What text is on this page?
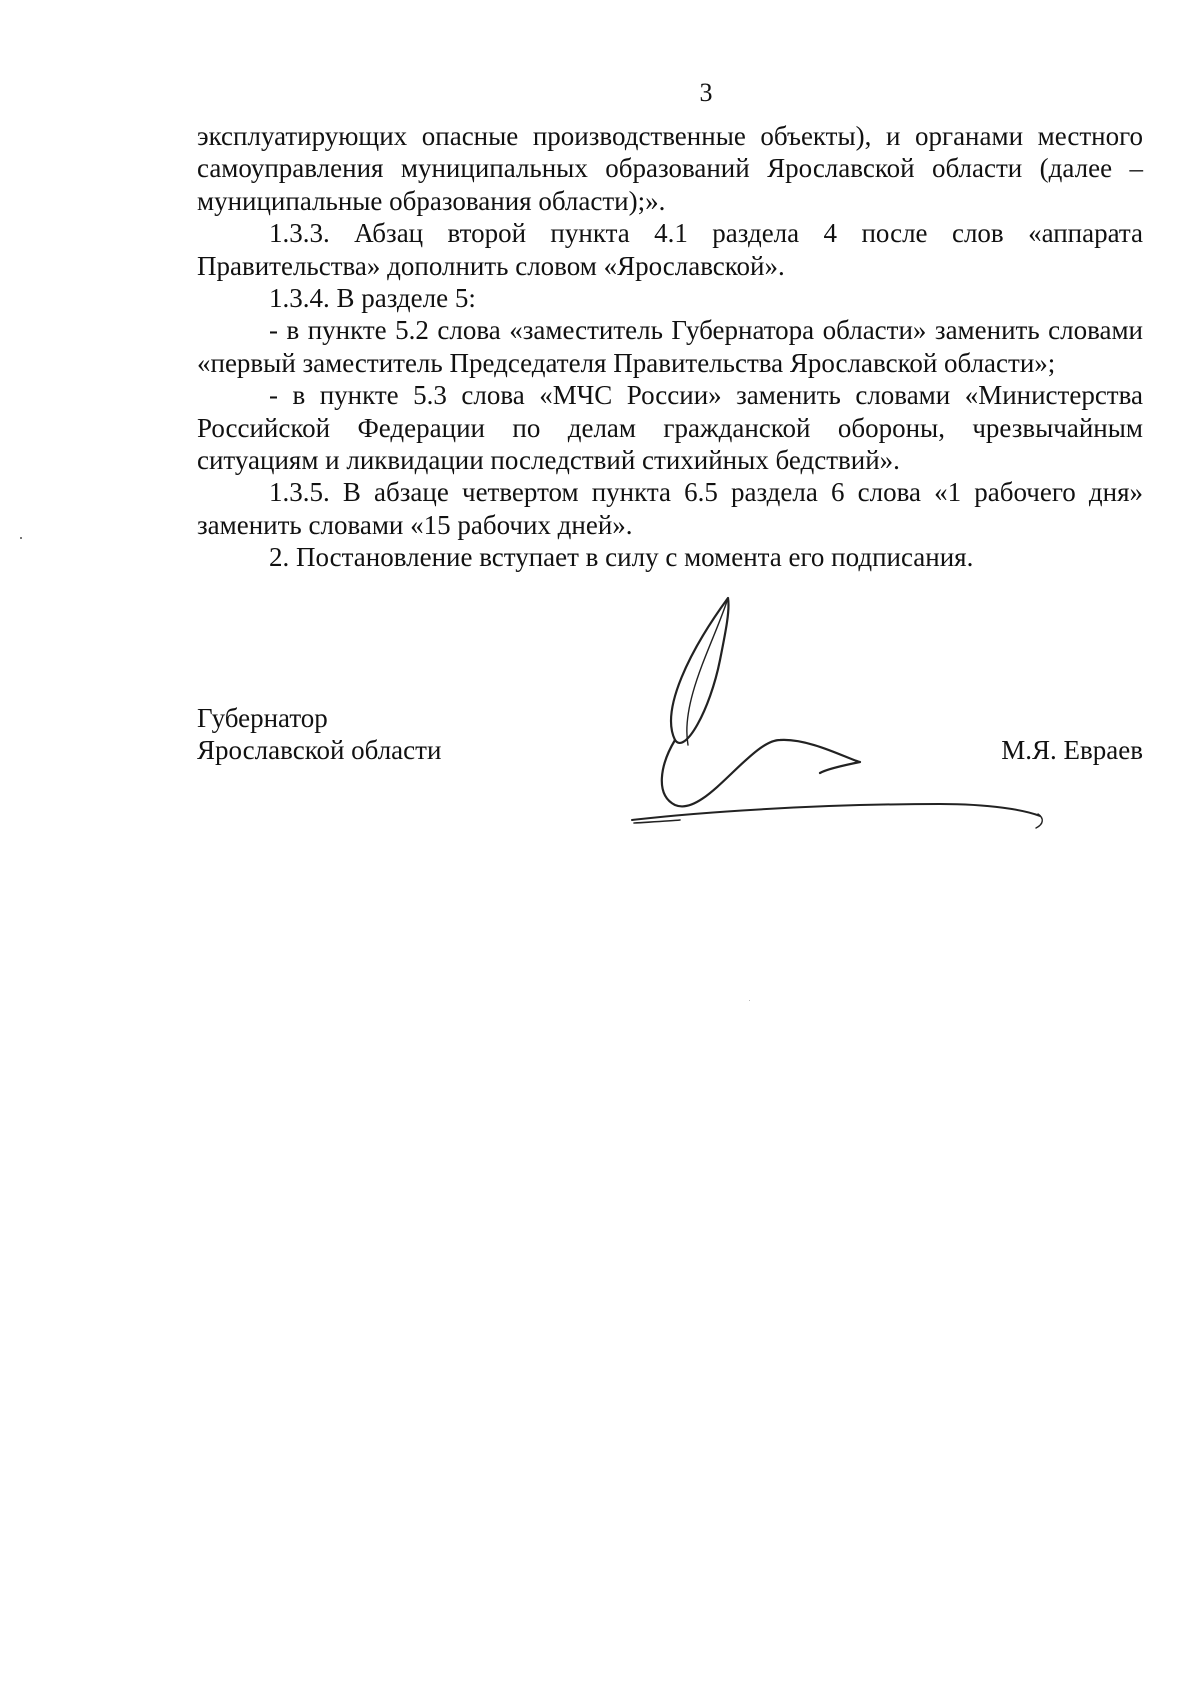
3

эксплуатирующих опасные производственные объекты), и органами местного самоуправления муниципальных образований Ярославской области (далее – муниципальные образования области);».

1.3.3. Абзац второй пункта 4.1 раздела 4 после слов «аппарата Правительства» дополнить словом «Ярославской».

1.3.4. В разделе 5:

- в пункте 5.2 слова «заместитель Губернатора области» заменить словами «первый заместитель Председателя Правительства Ярославской области»;

- в пункте 5.3 слова «МЧС России» заменить словами «Министерства Российской Федерации по делам гражданской обороны, чрезвычайным ситуациям и ликвидации последствий стихийных бедствий».

1.3.5. В абзаце четвертом пункта 6.5 раздела 6 слова «1 рабочего дня» заменить словами «15 рабочих дней».

2. Постановление вступает в силу с момента его подписания.

Губернатор
Ярославской области	М.Я. Евраев
